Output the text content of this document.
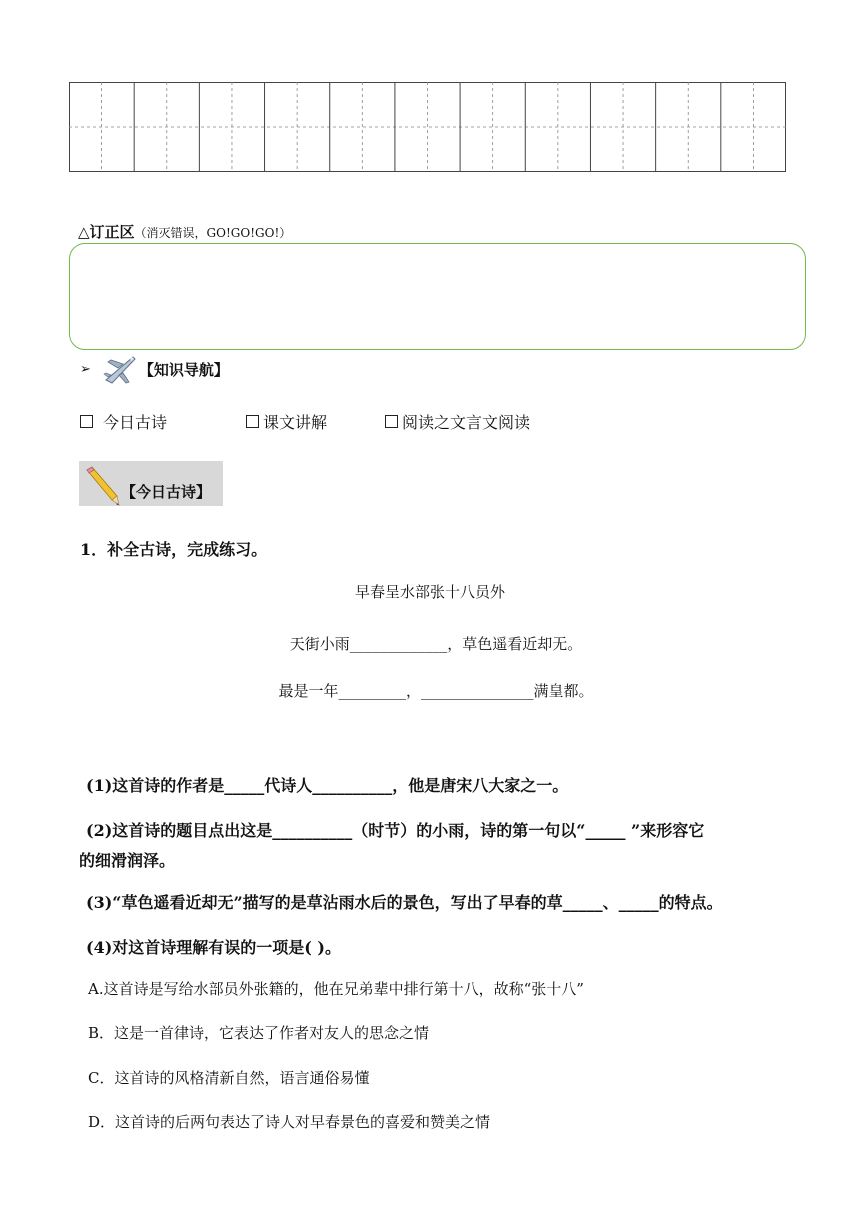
△订正区（消灭错误，GO!GO!GO!）
➢	【知识导航】
今日古诗	课文讲解	阅读之文言文阅读
【今日古诗】
1．补全古诗，完成练习。
早春呈水部张十八员外
天街小雨_____________，草色遥看近却无。
最是一年_________，_______________满皇都。
(1)这首诗的作者是_____代诗人__________，他是唐宋八大家之一。
(2)这首诗的题目点出这是__________（时节）的小雨，诗的第一句以“_____ ”来形容它
的细滑润泽。
(3)“草色遥看近却无”描写的是草沾雨水后的景色，写出了早春的草_____、_____的特点。
(4)对这首诗理解有误的一项是( )。
A.这首诗是写给水部员外张籍的，他在兄弟辈中排行第十八，故称“张十八”
B．这是一首律诗，它表达了作者对友人的思念之情
C．这首诗的风格清新自然，语言通俗易懂
D．这首诗的后两句表达了诗人对早春景色的喜爱和赞美之情
